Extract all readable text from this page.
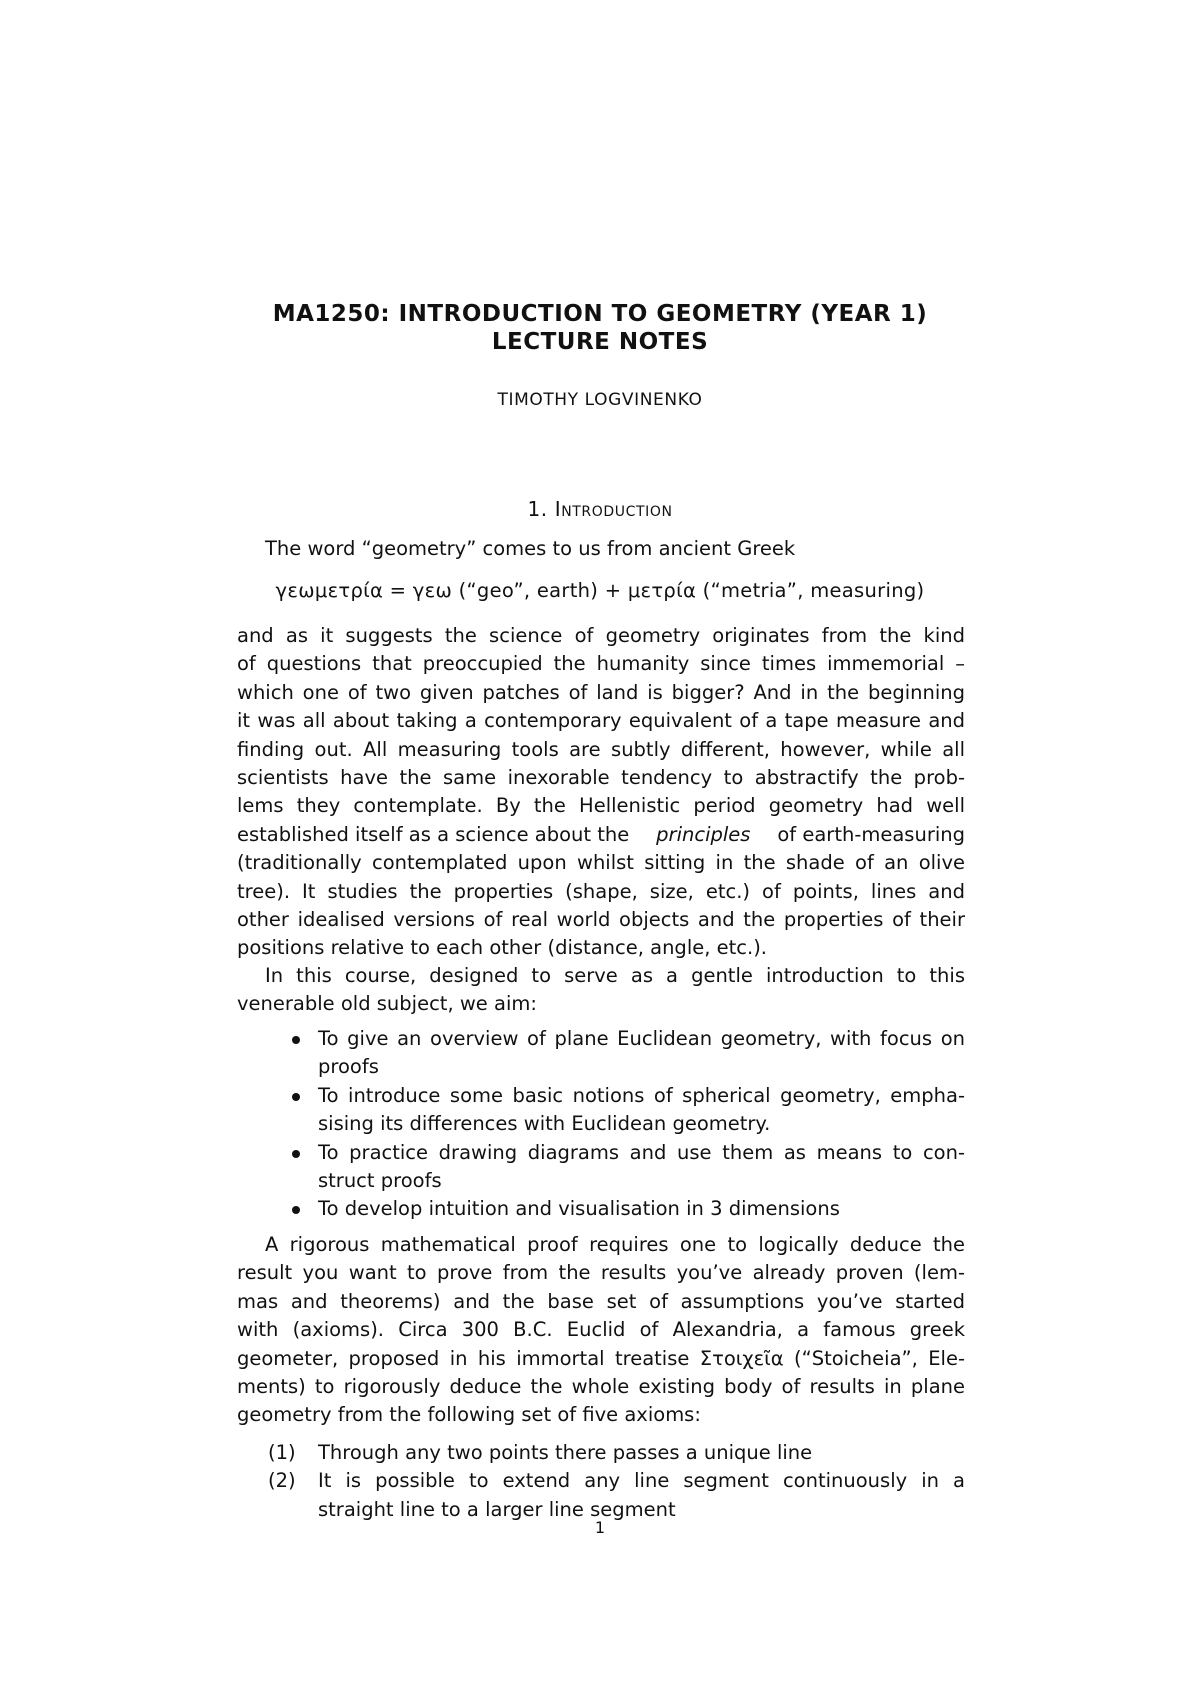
MA1250: INTRODUCTION TO GEOMETRY (YEAR 1)
LECTURE NOTES
TIMOTHY LOGVINENKO
1. Introduction
The word “geometry” comes to us from ancient Greek
γεωμετρία = γεω (“geo”, earth) + μετρία (“metria”, measuring)
and as it suggests the science of geometry originates from the kind
of questions that preoccupied the humanity since times immemorial –
which one of two given patches of land is bigger? And in the beginning
it was all about taking a contemporary equivalent of a tape measure and
finding out. All measuring tools are subtly different, however, while all
scientists have the same inexorable tendency to abstractify the prob-
lems they contemplate. By the Hellenistic period geometry had well
established itself as a science about the principles of earth-measuring
(traditionally contemplated upon whilst sitting in the shade of an olive
tree). It studies the properties (shape, size, etc.) of points, lines and
other idealised versions of real world objects and the properties of their
positions relative to each other (distance, angle, etc.).
In this course, designed to serve as a gentle introduction to this
venerable old subject, we aim:
To give an overview of plane Euclidean geometry, with focus on
proofs
To introduce some basic notions of spherical geometry, empha-
sising its differences with Euclidean geometry.
To practice drawing diagrams and use them as means to con-
struct proofs
To develop intuition and visualisation in 3 dimensions
A rigorous mathematical proof requires one to logically deduce the
result you want to prove from the results you’ve already proven (lem-
mas and theorems) and the base set of assumptions you’ve started
with (axioms). Circa 300 B.C. Euclid of Alexandria, a famous greek
geometer, proposed in his immortal treatise Στοιχεῖα (“Stoicheia”, Ele-
ments) to rigorously deduce the whole existing body of results in plane
geometry from the following set of five axioms:
(1) Through any two points there passes a unique line
(2) It is possible to extend any line segment continuously in a
straight line to a larger line segment
1
